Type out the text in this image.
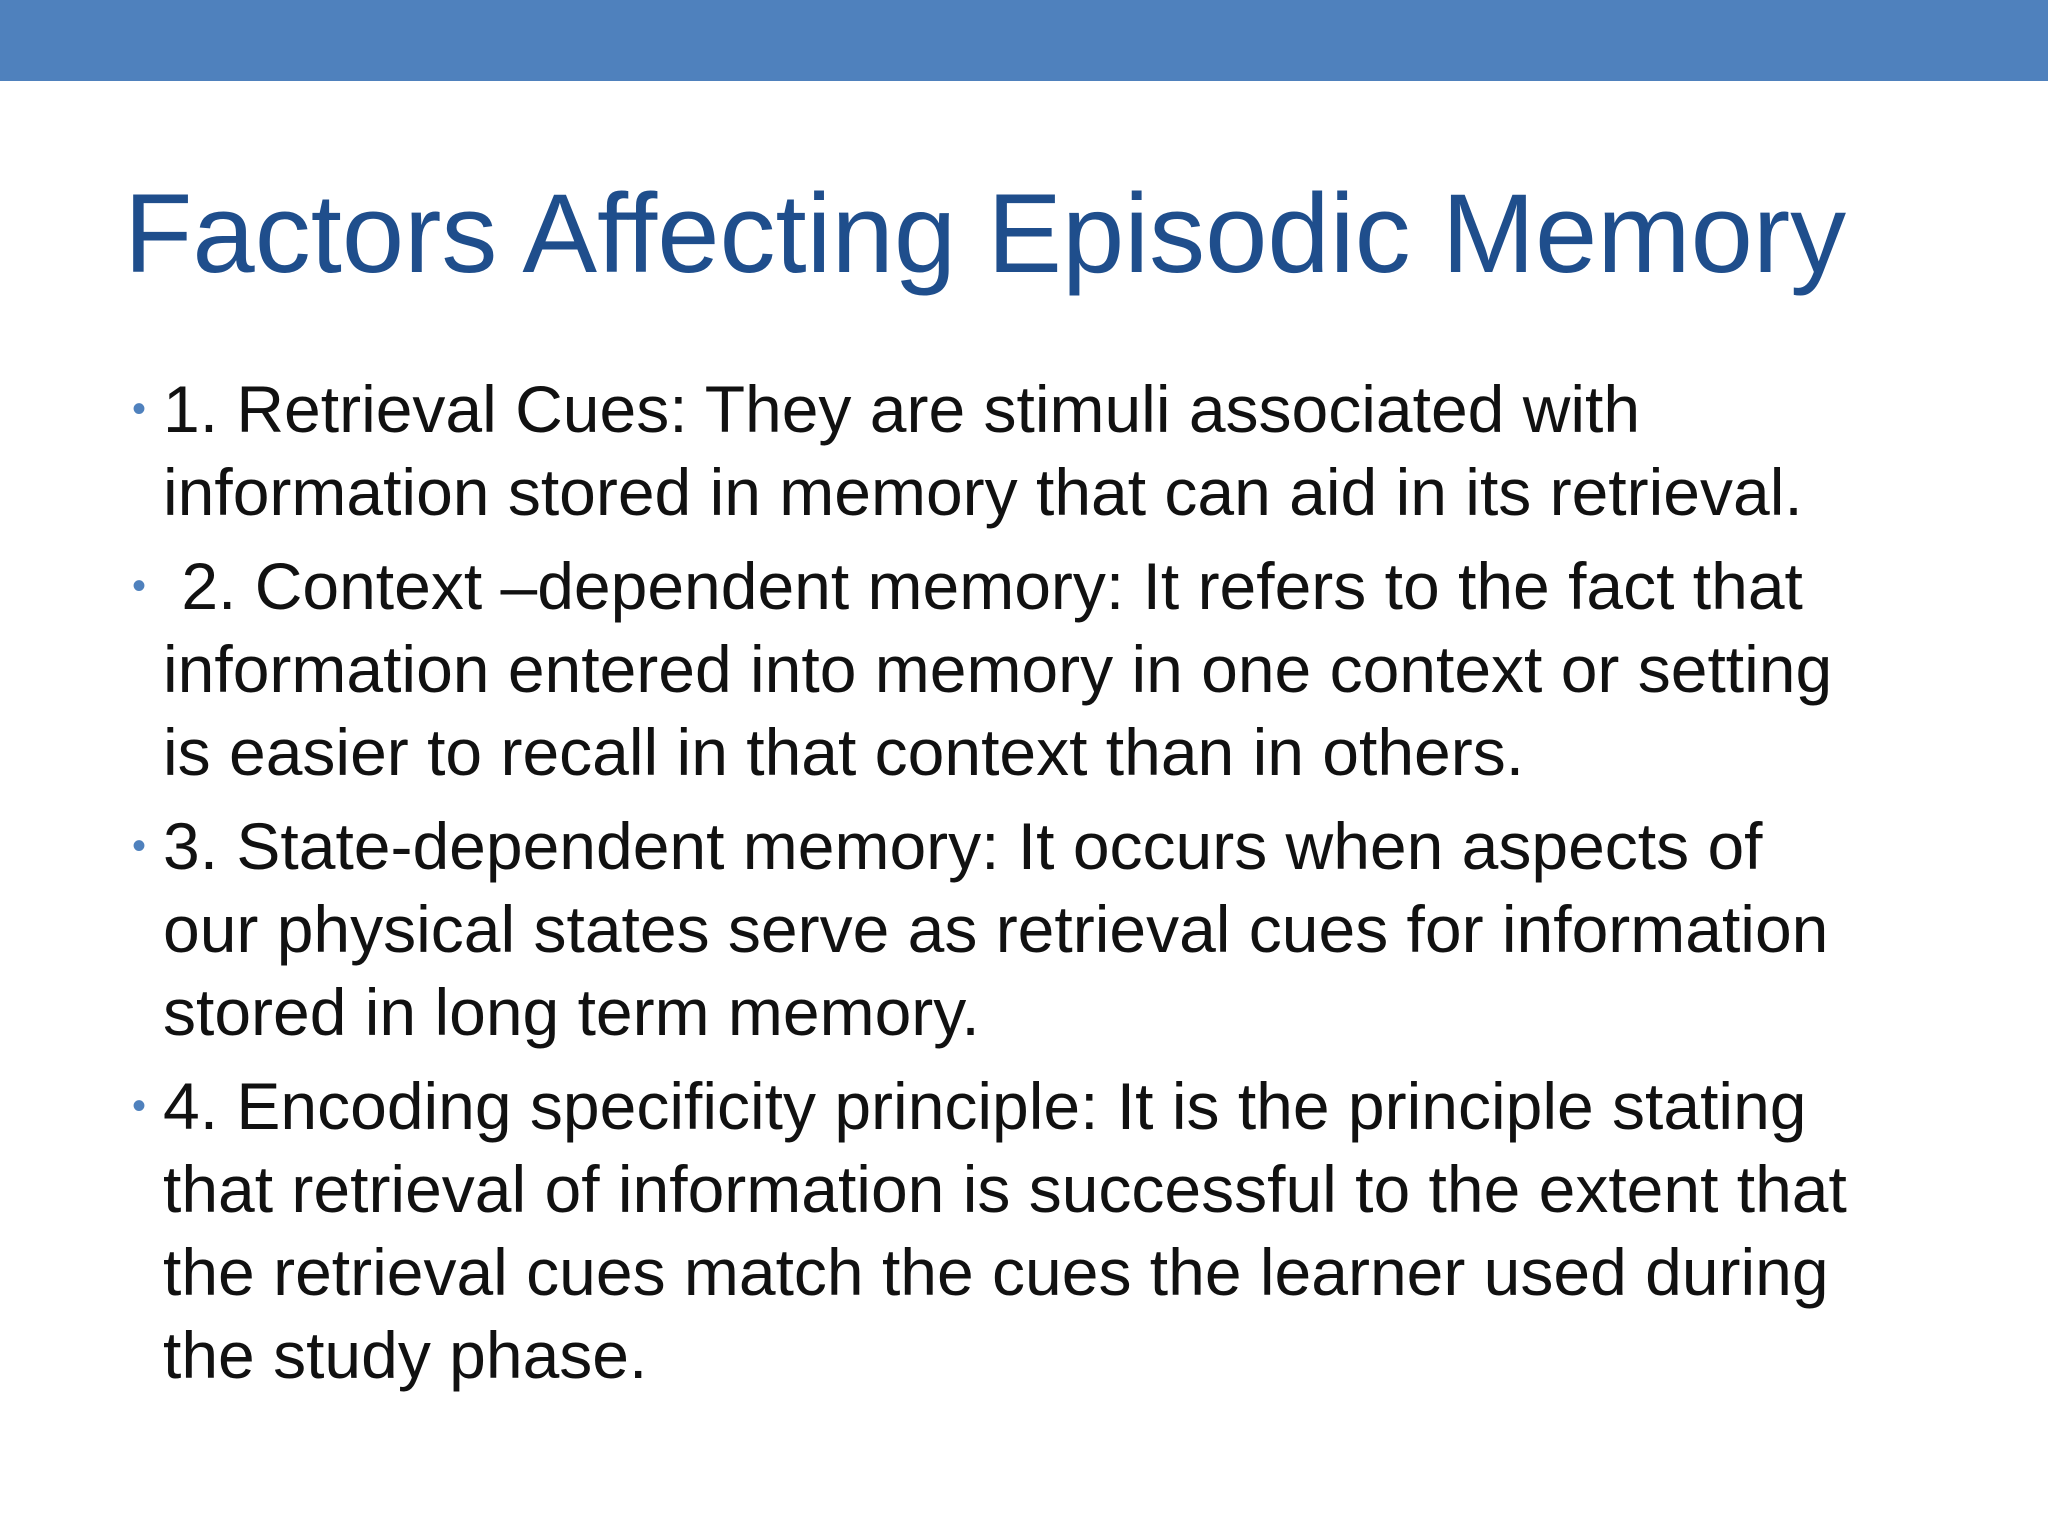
Factors Affecting Episodic Memory
• 1. Retrieval Cues: They are stimuli associated with
information stored in memory that can aid in its retrieval.
• 2. Context –dependent memory: It refers to the fact that
information entered into memory in one context or setting
is easier to recall in that context than in others.
• 3. State-dependent memory: It occurs when aspects of
our physical states serve as retrieval cues for information
stored in long term memory.
• 4. Encoding specificity principle: It is the principle stating
that retrieval of information is successful to the extent that
the retrieval cues match the cues the learner used during
the study phase.
